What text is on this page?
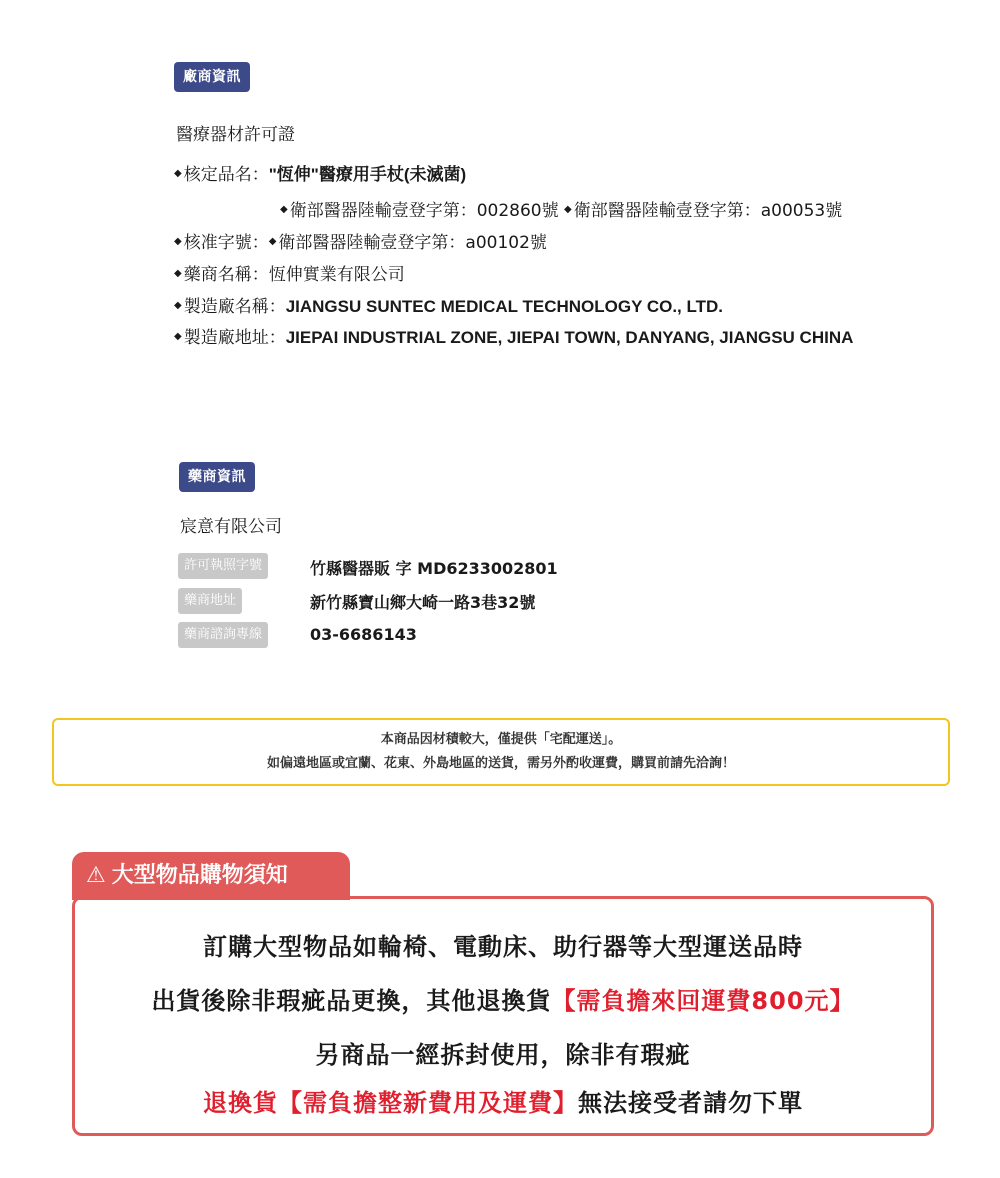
廠商資訊
醫療器材許可證
◆ 核定品名："恆伸"醫療用手杖(未滅菌)
◆ 衛部醫器陸輸壹登字第：002860號 ◆ 衛部醫器陸輸壹登字第：a00053號
◆ 核准字號：◆ 衛部醫器陸輸壹登字第：a00102號
◆ 藥商名稱：恆伸實業有限公司
◆ 製造廠名稱：JIANGSU SUNTEC MEDICAL TECHNOLOGY CO., LTD.
◆ 製造廠地址：JIEPAI INDUSTRIAL ZONE, JIEPAI TOWN, DANYANG, JIANGSU CHINA
藥商資訊
宸意有限公司
許可執照字號	竹縣醫器販 字 MD6233002801
藥商地址	新竹縣寶山鄉大崎一路3巷32號
藥商諮詢專線	03-6686143
本商品因材積較大，僅提供「宅配運送」。
如偏遠地區或宜蘭、花東、外島地區的送貨，需另外酌收運費，購買前請先洽詢！
⚠ 大型物品購物須知
訂購大型物品如輪椅、電動床、助行器等大型運送品時
出貨後除非瑕疵品更換，其他退換貨【需負擔來回運費800元】
另商品一經拆封使用，除非有瑕疵
退換貨【需負擔整新費用及運費】無法接受者請勿下單
